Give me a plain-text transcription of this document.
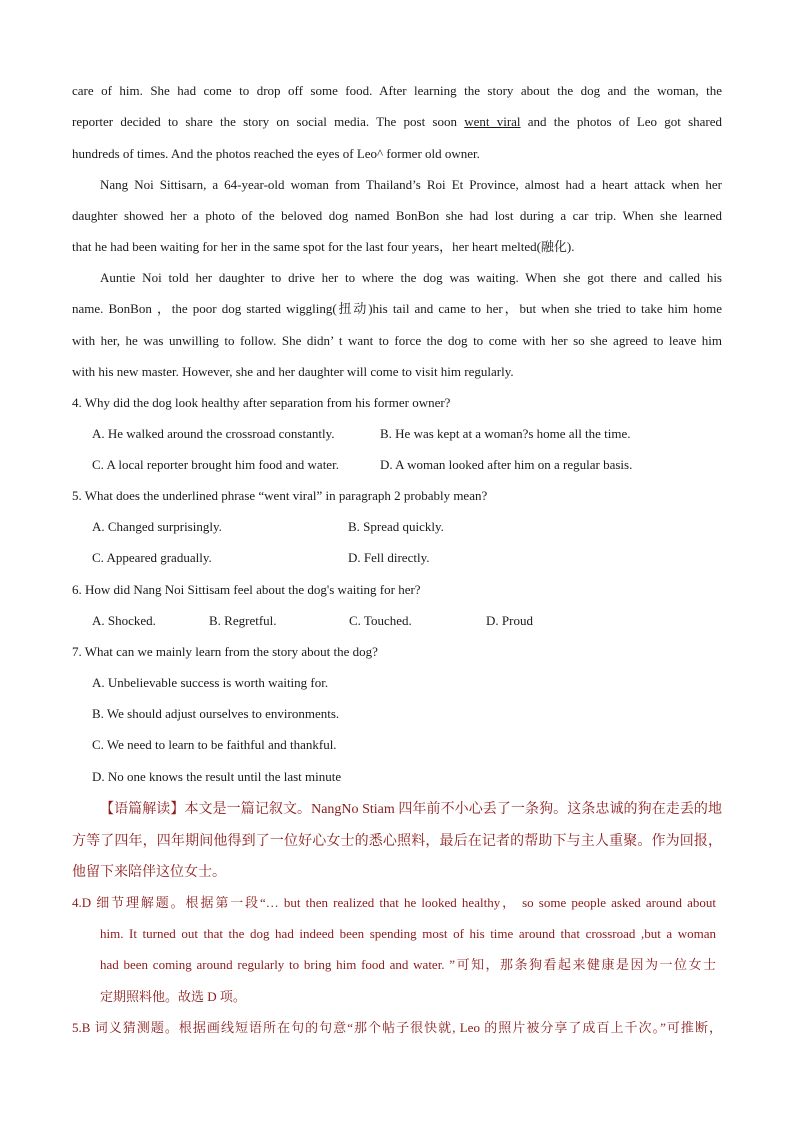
care of him. She had come to drop off some food. After learning the story about the dog and the woman, the
reporter decided to share the story on social media. The post soon went viral and the photos of Leo got shared
hundreds of times. And the photos reached the eyes of Leo^ former old owner.
Nang Noi Sittisarn, a 64-year-old woman from Thailand’s Roi Et Province, almost had a heart attack when her
daughter showed her a photo of the beloved dog named BonBon she had lost during a car trip. When she learned
that he had been waiting for her in the same spot for the last four years，her heart melted(融化).
Auntie Noi told her daughter to drive her to where the dog was waiting. When she got there and called his
name. BonBon ，the poor dog started wiggling(扭动)his tail and came to her，but when she tried to take him home
with her, he was unwilling to follow. She didn’ t want to force the dog to come with her so she agreed to leave him
with his new master. However, she and her daughter will come to visit him regularly.
4. Why did the dog look healthy after separation from his former owner?
A. He walked around the crossroad constantly.	B. He was kept at a woman?s home all the time.
C. A local reporter brought him food and water.	D. A woman looked after him on a regular basis.
5. What does the underlined phrase “went viral” in paragraph 2 probably mean?
A. Changed surprisingly.	B. Spread quickly.
C. Appeared gradually.	D. Fell directly.
6. How did Nang Noi Sittisam feel about the dog's waiting for her?
A. Shocked.	B. Regretful.	C. Touched.	D. Proud
7. What can we mainly learn from the story about the dog?
A. Unbelievable success is worth waiting for.
B. We should adjust ourselves to environments.
C. We need to learn to be faithful and thankful.
D. No one knows the result until the last minute
【语篇解读】本文是一篇记叙文。NangNo Stiam 四年前不小心丢了一条狗。这条忠诚的狗在走丢的地
方等了四年，四年期间他得到了一位好心女士的悉心照料，最后在记者的帮助下与主人重聚。作为回报，
他留下来陪伴这位女士。
4.D 细节理解题。根据第一段“… but then realized that he looked healthy， so some people asked around about
him. It turned out that the dog had indeed been spending most of his time around that crossroad ,but a woman
had been coming around regularly to bring him food and water. ”可知，那条狗看起来健康是因为一位女士
定期照料他。故选 D 项。
5.B 词义猜测题。根据画线短语所在句的句意“那个帖子很快就, Leo 的照片被分享了成百上千次。”可推断，
